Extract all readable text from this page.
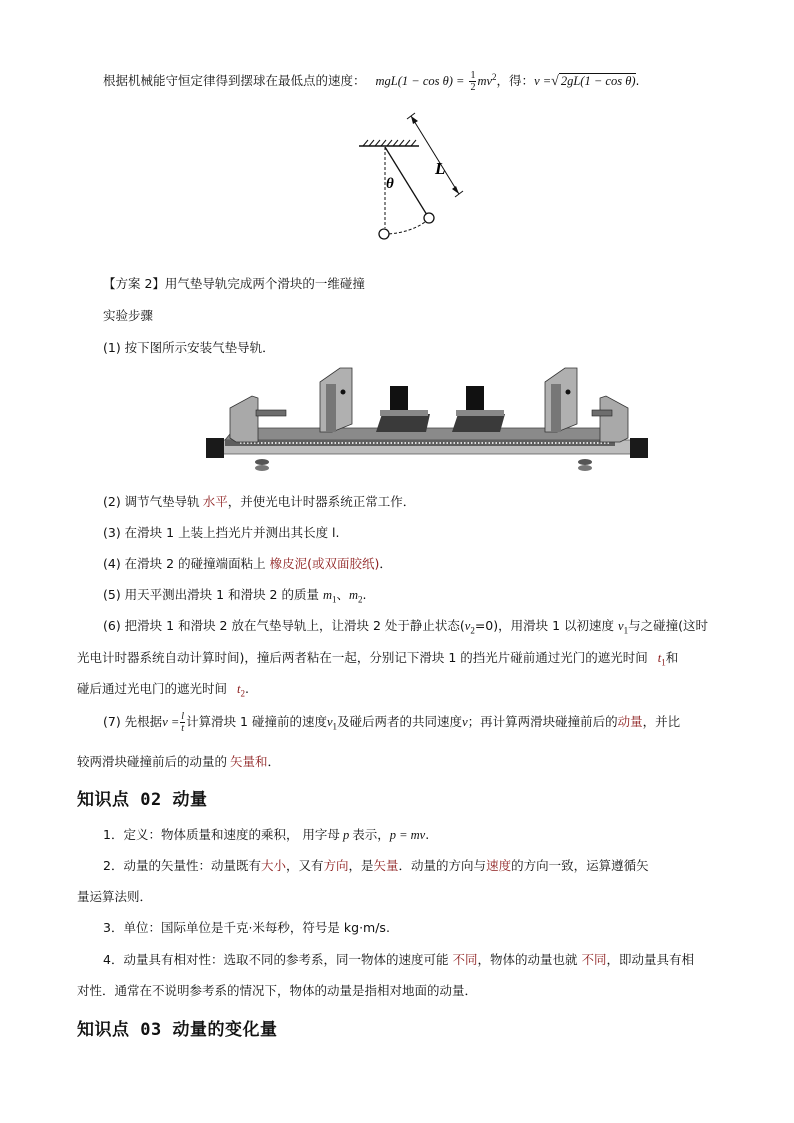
根据机械能守恒定律得到摆球在最低点的速度： $mgL(1 - \cos \theta) = \frac{1}{2} mv^2$，得：v =√ 2gL(1 − cos θ).
L
θ
【方案 2】用气垫导轨完成两个滑块的一维碰撞
实验步骤
(1) 按下图所示安装气垫导轨．
(2) 调节气垫导轨 水平，并使光电计时器系统正常工作．
(3) 在滑块 1 上装上挡光片并测出其长度 l.
(4) 在滑块 2 的碰撞端面粘上 橡皮泥(或双面胶纸)．
(5) 用天平测出滑块 1 和滑块 2 的质量 $m_1$、$m_2$.
(6) 把滑块 1 和滑块 2 放在气垫导轨上，让滑块 2 处于静止状态$(v_2=0)$，用滑块 1 以初速度 $v_1$与之碰撞(这时
光电计时器系统自动计算时间)，撞后两者粘在一起，分别记下滑块 1 的挡光片碰前通过光门的遮光时间 $t_1$和
碰后通过光电门的遮光时间 $t_2$.
(7) 先根据$v = \frac{l}{t}$ 计算滑块 1 碰撞前的速度$v_1$及碰后两者的共同速度v；再计算两滑块碰撞前后的动量，并比
较两滑块碰撞前后的动量的 矢量和．
知识点 02 动量
1．定义：物体质量和速度的乘积， 用字母 p 表示，p = mv.
2．动量的矢量性：动量既有大小，又有方向，是矢量．动量的方向与速度的方向一致，运算遵循矢
量运算法则．
3．单位：国际单位是千克·米每秒，符号是 kg·m/s.
4．动量具有相对性：选取不同的参考系，同一物体的速度可能 不同，物体的动量也就 不同，即动量具有相
对性．通常在不说明参考系的情况下，物体的动量是指相对地面的动量．
知识点 03 动量的变化量
